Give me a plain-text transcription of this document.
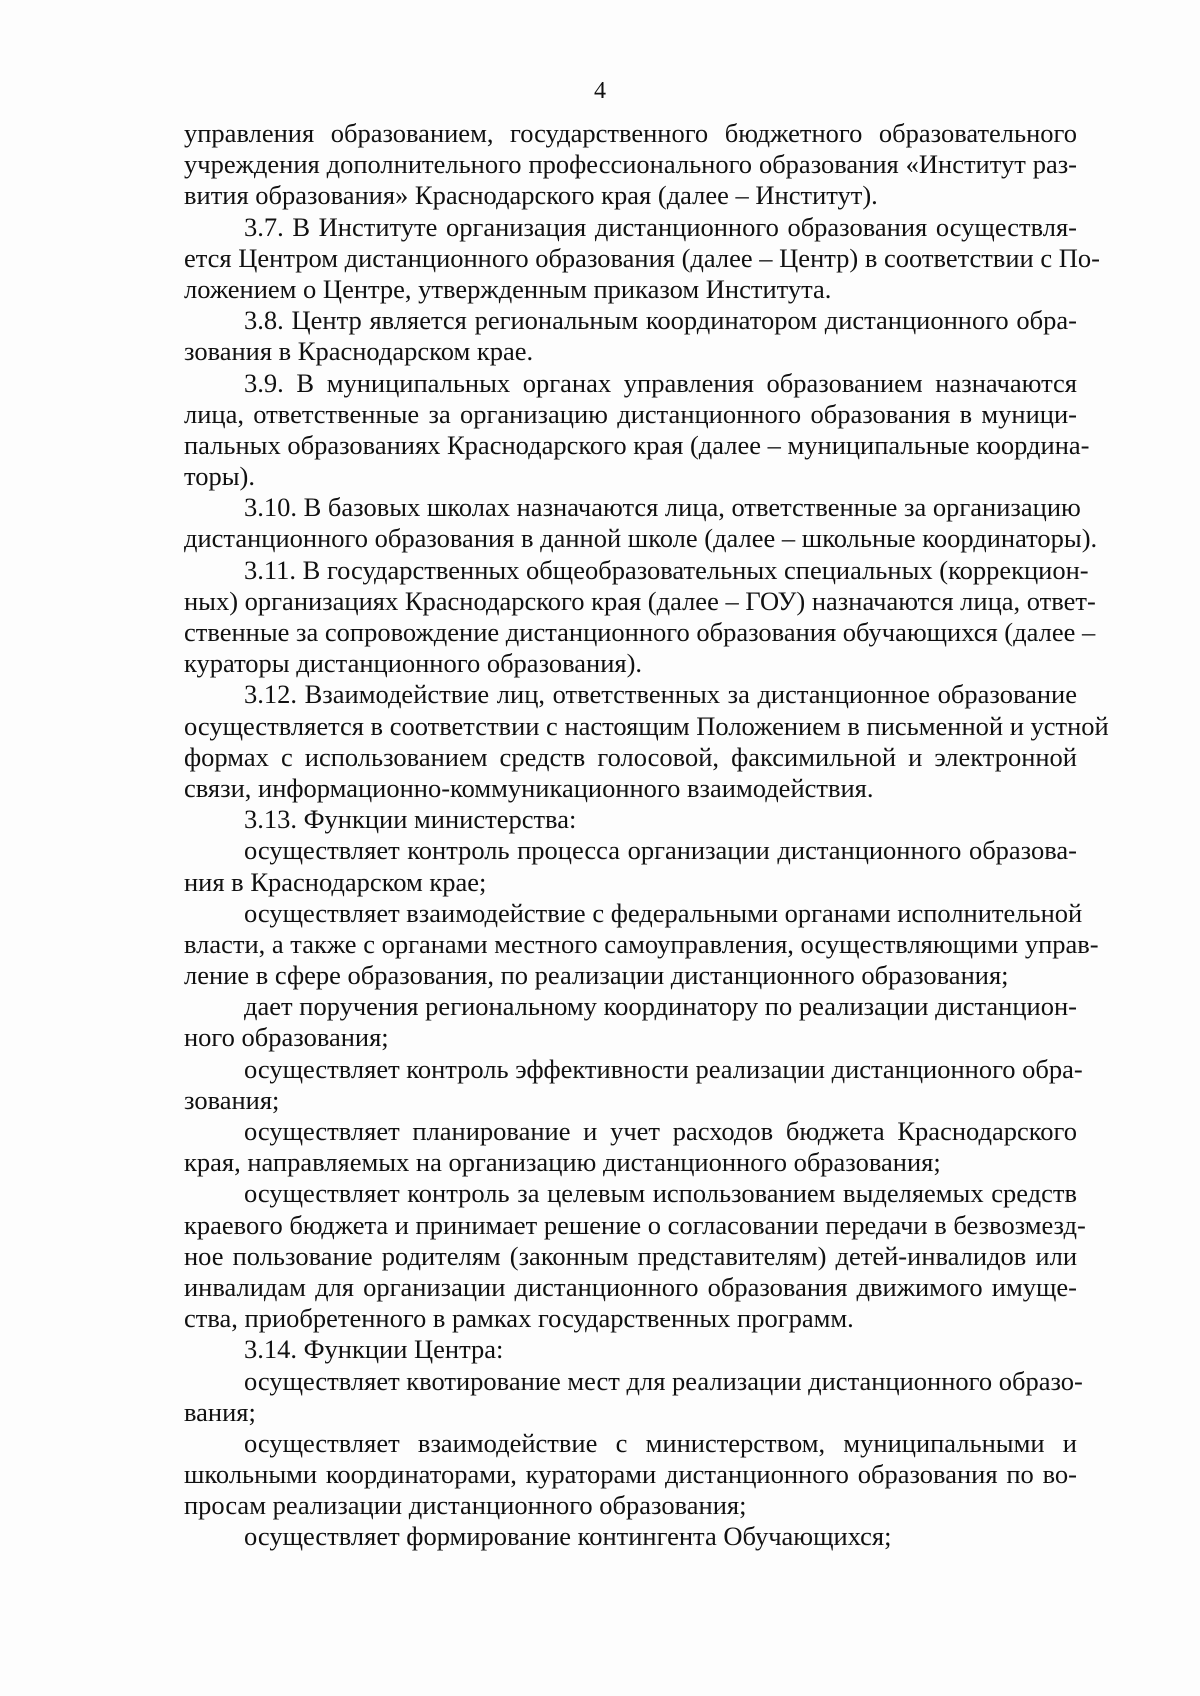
4
управления образованием, государственного бюджетного образовательного
учреждения дополнительного профессионального образования «Институт раз-
вития образования» Краснодарского края (далее – Институт).
3.7. В Институте организация дистанционного образования осуществля-
ется Центром дистанционного образования (далее – Центр) в соответствии с По-
ложением о Центре, утвержденным приказом Института.
3.8. Центр является региональным координатором дистанционного обра-
зования в Краснодарском крае.
3.9. В муниципальных органах управления образованием назначаются
лица, ответственные за организацию дистанционного образования в муници-
пальных образованиях Краснодарского края (далее – муниципальные координа-
торы).
3.10. В базовых школах назначаются лица, ответственные за организацию
дистанционного образования в данной школе (далее – школьные координаторы).
3.11. В государственных общеобразовательных специальных (коррекцион-
ных) организациях Краснодарского края (далее – ГОУ) назначаются лица, ответ-
ственные за сопровождение дистанционного образования обучающихся (далее –
кураторы дистанционного образования).
3.12. Взаимодействие лиц, ответственных за дистанционное образование
осуществляется в соответствии с настоящим Положением в письменной и устной
формах с использованием средств голосовой, факсимильной и электронной
связи, информационно-коммуникационного взаимодействия.
3.13. Функции министерства:
осуществляет контроль процесса организации дистанционного образова-
ния в Краснодарском крае;
осуществляет взаимодействие с федеральными органами исполнительной
власти, а также с органами местного самоуправления, осуществляющими управ-
ление в сфере образования, по реализации дистанционного образования;
дает поручения региональному координатору по реализации дистанцион-
ного образования;
осуществляет контроль эффективности реализации дистанционного обра-
зования;
осуществляет планирование и учет расходов бюджета Краснодарского
края, направляемых на организацию дистанционного образования;
осуществляет контроль за целевым использованием выделяемых средств
краевого бюджета и принимает решение о согласовании передачи в безвозмезд-
ное пользование родителям (законным представителям) детей-инвалидов или
инвалидам для организации дистанционного образования движимого имуще-
ства, приобретенного в рамках государственных программ.
3.14. Функции Центра:
осуществляет квотирование мест для реализации дистанционного образо-
вания;
осуществляет взаимодействие с министерством, муниципальными и
школьными координаторами, кураторами дистанционного образования по во-
просам реализации дистанционного образования;
осуществляет формирование контингента Обучающихся;
